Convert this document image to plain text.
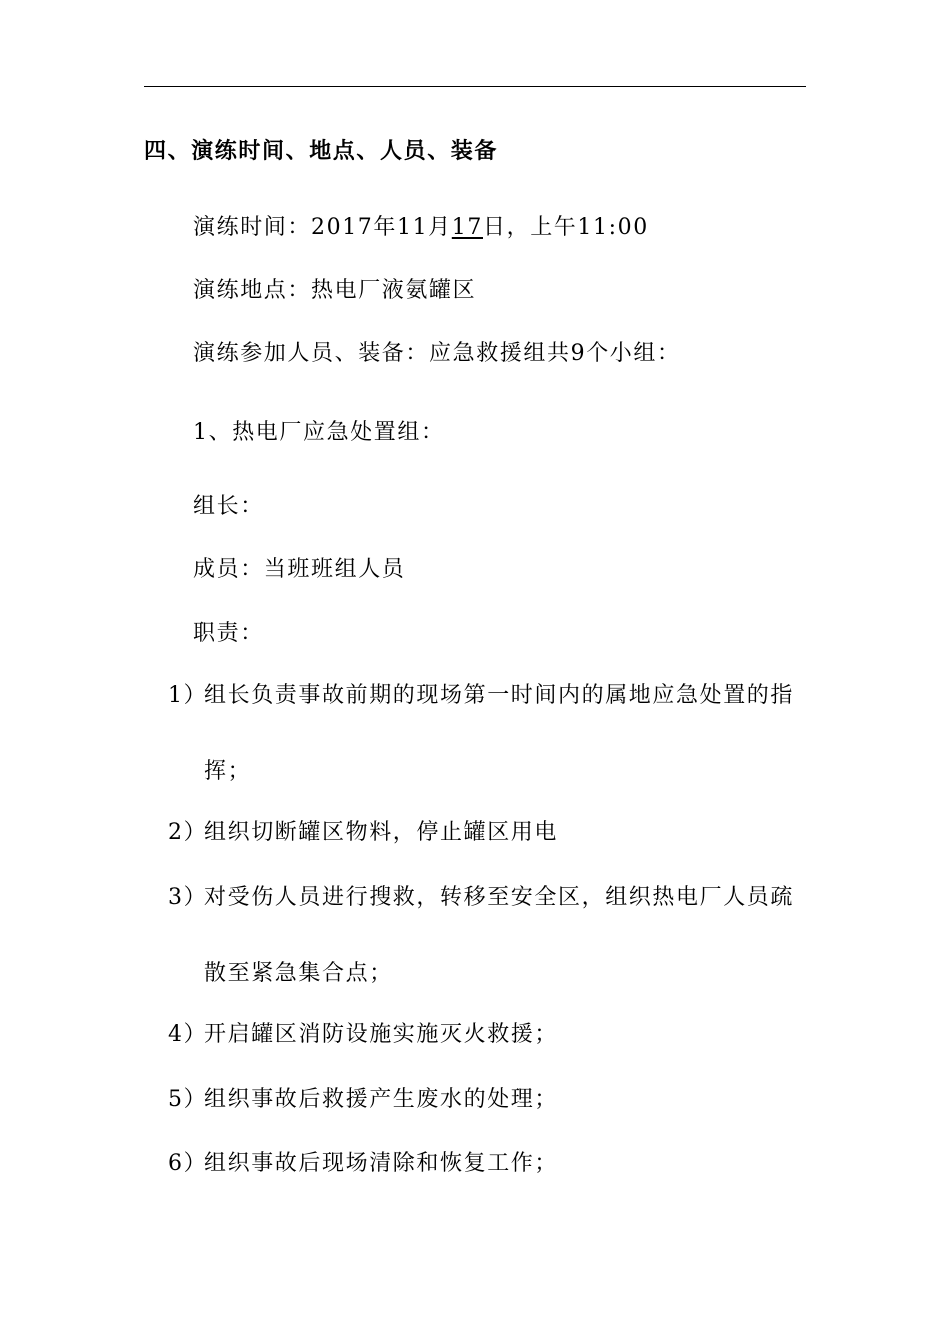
四、演练时间、地点、人员、装备
演练时间：2017年11月17日，上午11:00
演练地点：热电厂液氨罐区
演练参加人员、装备：应急救援组共9个小组：
1、热电厂应急处置组：
组长：
成员：当班班组人员
职责：
1）
组长负责事故前期的现场第一时间内的属地应急处置的指
挥；
2）
组织切断罐区物料，停止罐区用电
3）
对受伤人员进行搜救，转移至安全区，组织热电厂人员疏
散至紧急集合点；
4）
开启罐区消防设施实施灭火救援；
5）
组织事故后救援产生废水的处理；
6）
组织事故后现场清除和恢复工作；
